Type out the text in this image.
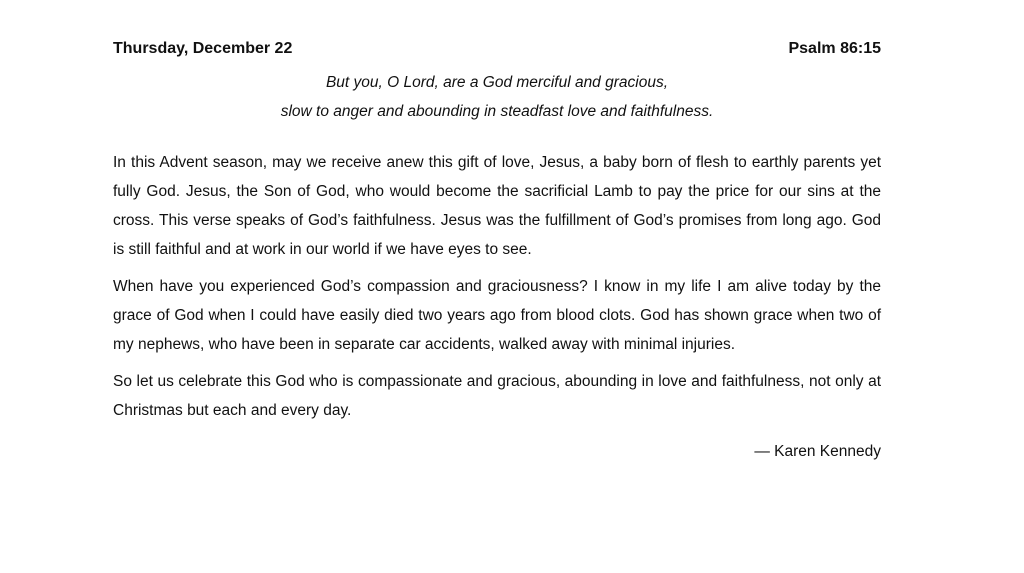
Thursday, December 22	Psalm 86:15
But you, O Lord, are a God merciful and gracious,
slow to anger and abounding in steadfast love and faithfulness.

In this Advent season, may we receive anew this gift of love, Jesus, a baby born of flesh to earthly parents yet fully God. Jesus, the Son of God, who would become the sacrificial Lamb to pay the price for our sins at the cross. This verse speaks of God’s faithfulness. Jesus was the fulfillment of God’s promises from long ago. God is still faithful and at work in our world if we have eyes to see.

When have you experienced God’s compassion and graciousness? I know in my life I am alive today by the grace of God when I could have easily died two years ago from blood clots. God has shown grace when two of my nephews, who have been in separate car accidents, walked away with minimal injuries.

So let us celebrate this God who is compassionate and gracious, abounding in love and faithfulness, not only at Christmas but each and every day.

— Karen Kennedy
